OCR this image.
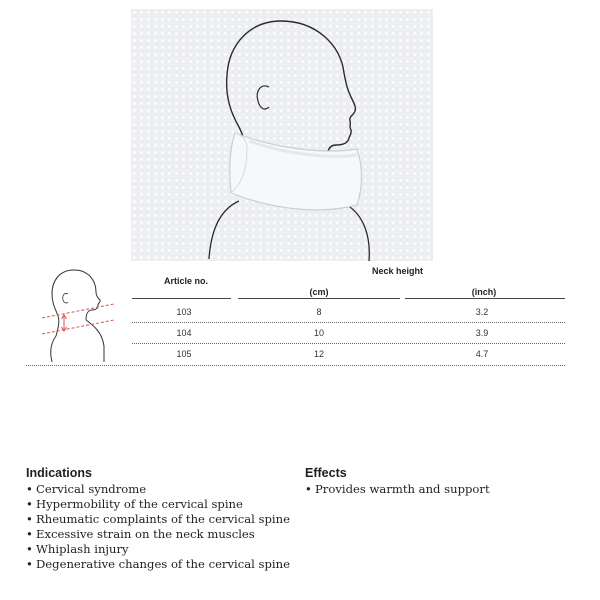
Neck height
Article no.
(cm)	(inch)
103	8	3.2
104	10	3.9
105	12	4.7
Indications
• Cervical syndrome
• Hypermobility of the cervical spine
• Rheumatic complaints of the cervical spine
• Excessive strain on the neck muscles
• Whiplash injury
• Degenerative changes of the cervical spine
Effects
• Provides warmth and support
